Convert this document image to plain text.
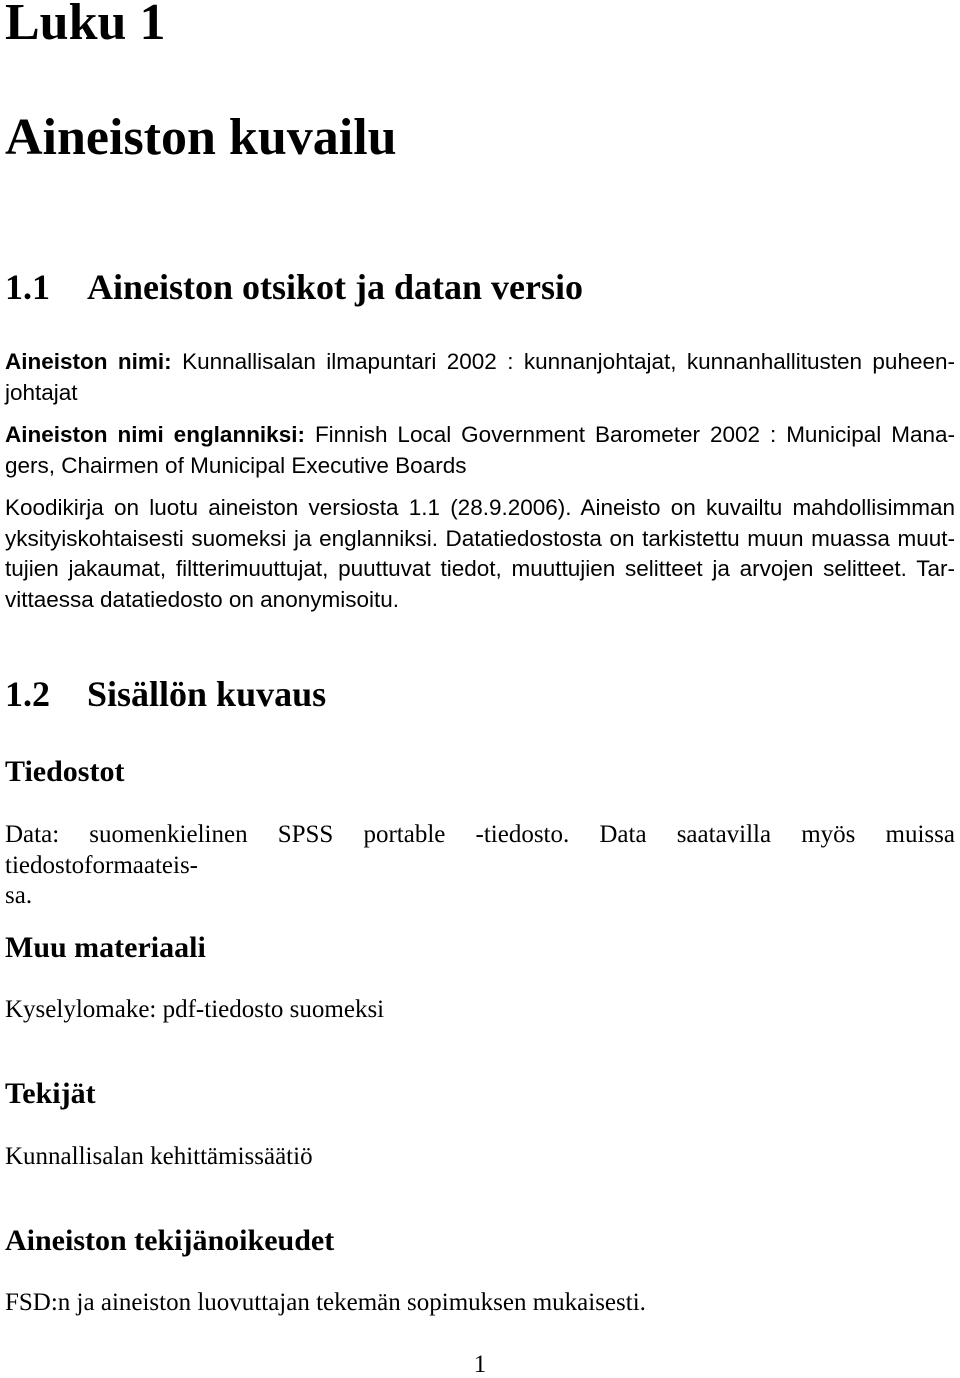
Luku 1
Aineiston kuvailu
1.1 Aineiston otsikot ja datan versio
Aineiston nimi: Kunnallisalan ilmapuntari 2002 : kunnanjohtajat, kunnanhallitusten puheen-
johtajat
Aineiston nimi englanniksi: Finnish Local Government Barometer 2002 : Municipal Mana-
gers, Chairmen of Municipal Executive Boards
Koodikirja on luotu aineiston versiosta 1.1 (28.9.2006). Aineisto on kuvailtu mahdollisimman
yksityiskohtaisesti suomeksi ja englanniksi. Datatiedostosta on tarkistettu muun muassa muut-
tujien jakaumat, filtterimuuttujat, puuttuvat tiedot, muuttujien selitteet ja arvojen selitteet. Tar-
vittaessa datatiedosto on anonymisoitu.
1.2 Sisällön kuvaus
Tiedostot
Data: suomenkielinen SPSS portable -tiedosto. Data saatavilla myös muissa tiedostoformaateis-
sa.
Muu materiaali
Kyselylomake: pdf-tiedosto suomeksi
Tekijät
Kunnallisalan kehittämissäätiö
Aineiston tekijänoikeudet
FSD:n ja aineiston luovuttajan tekemän sopimuksen mukaisesti.
1
